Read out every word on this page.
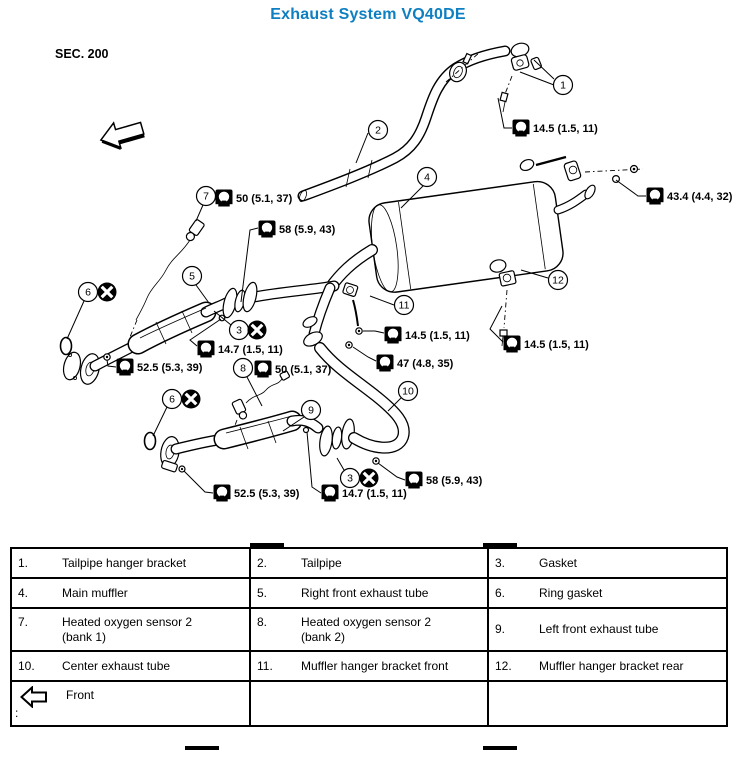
Exhaust System VQ40DE
SEC. 200
1
2
4
7
5
6
3
8
11
12
10
6
9
3
14.5 (1.5, 11)
43.4 (4.4, 32)
50 (5.1, 37)
58 (5.9, 43)
14.7 (1.5, 11)
52.5 (5.3, 39)	50 (5.1, 37)
14.5 (1.5, 11)
47 (4.8, 35)
14.5 (1.5, 11)
52.5 (5.3, 39)	14.7 (1.5, 11)
58 (5.9, 43)
1. Tailpipe hanger bracket	2. Tailpipe	3. Gasket

4. Main muffler	5. Right front exhaust tube	6. Ring gasket

7. Heated oxygen sensor 2
(bank 1)	8. Heated oxygen sensor 2
(bank 2)	9. Left front exhaust tube

10. Center exhaust tube	11. Muffler hanger bracket front	12. Muffler hanger bracket rear

Front
:		
